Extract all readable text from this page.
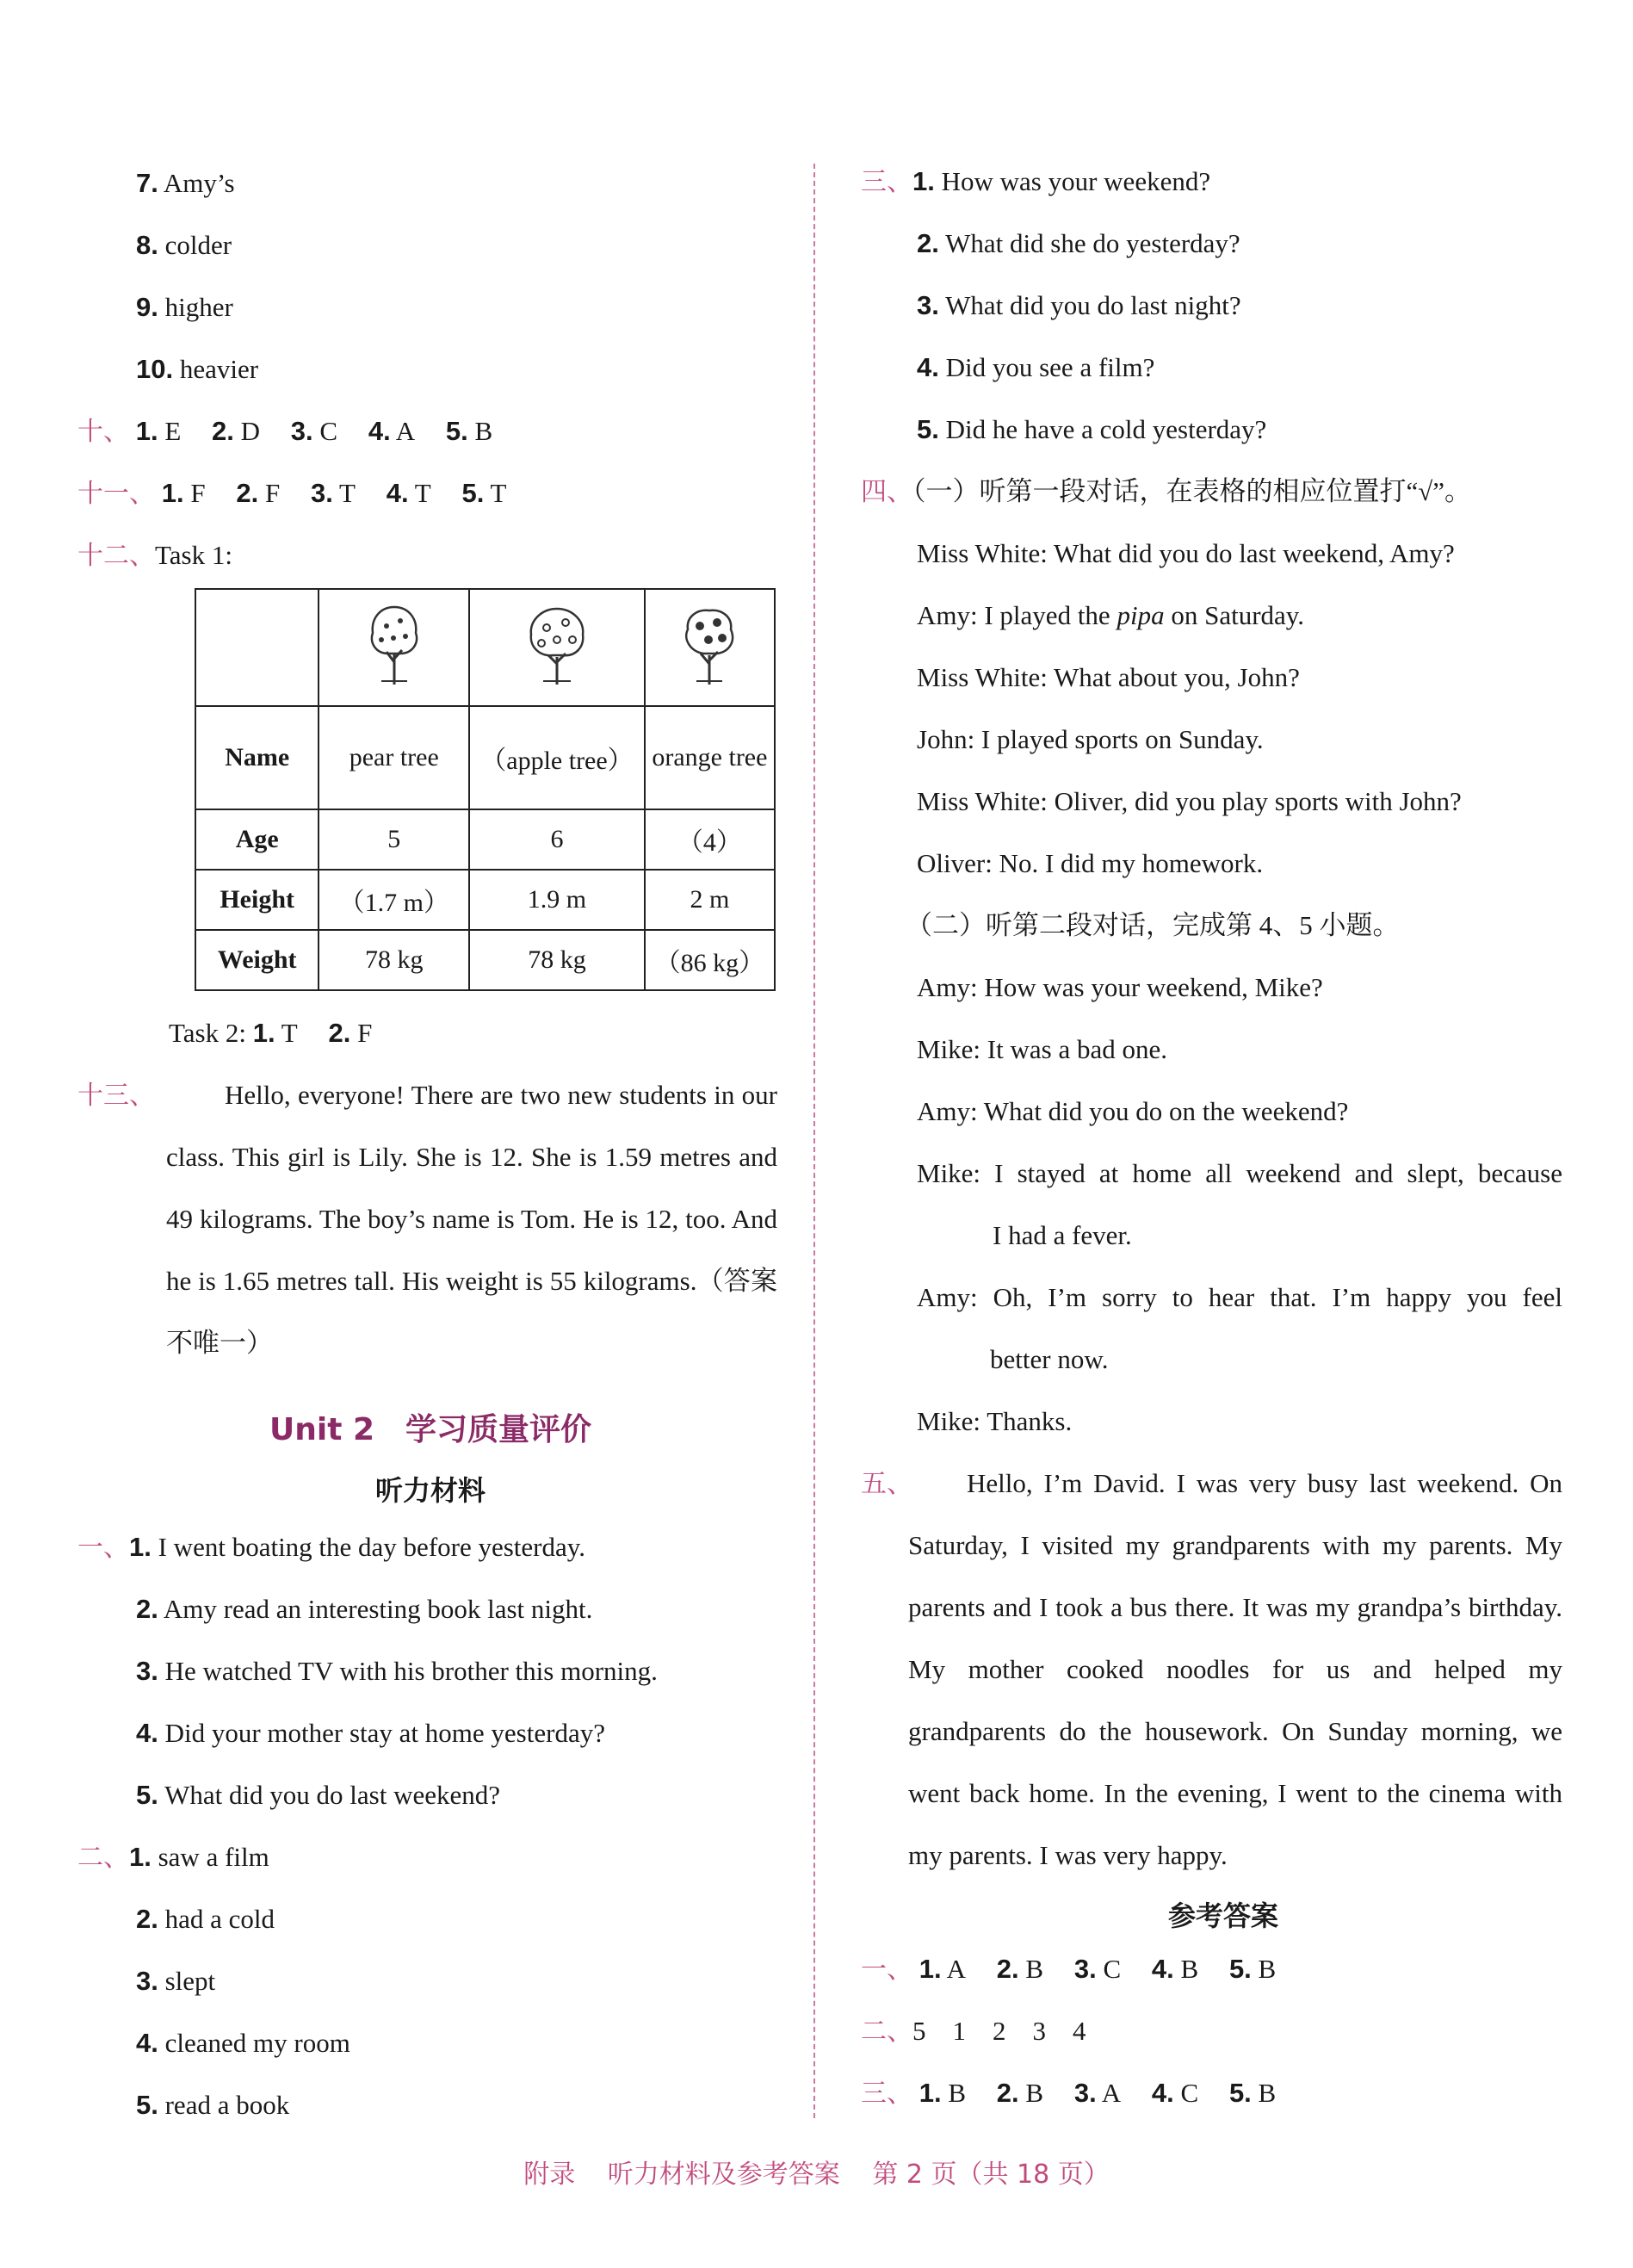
7. Amy’s
8. colder
9. higher
10. heavier
十、 1. E 2. D 3. C 4. A 5. B
十一、 1. F 2. F 3. T 4. T 5. T
十二、Task 1:

Name	pear tree	（apple tree）	orange tree
Age	5	6	（4）
Height	（1.7 m）	1.9 m	2 m
Weight	78 kg	78 kg	（86 kg）
Task 2: 1. T 2. F
十三、	Hello, everyone! There are two new students in our class. This girl is Lily. She is 12. She is 1.59 metres and 49 kilograms. The boy’s name is Tom. He is 12, too. And he is 1.65 metres tall. His weight is 55 kilograms.（答案不唯一）

Unit 2　学习质量评价
听力材料
一、1. I went boating the day before yesterday.
2. Amy read an interesting book last night.
3. He watched TV with his brother this morning.
4. Did your mother stay at home yesterday?
5. What did you do last weekend?
二、1. saw a film
2. had a cold
3. slept
4. cleaned my room
5. read a book
三、1. How was your weekend?
2. What did she do yesterday?
3. What did you do last night?
4. Did you see a film?
5. Did he have a cold yesterday?
四、（一）听第一段对话，在表格的相应位置打“√”。
Miss White: What did you do last weekend, Amy?
Amy: I played the pipa on Saturday.
Miss White: What about you, John?
John: I played sports on Sunday.
Miss White: Oliver, did you play sports with John?
Oliver: No. I did my homework.
（二）听第二段对话，完成第 4、5 小题。
Amy: How was your weekend, Mike?
Mike: It was a bad one.
Amy: What did you do on the weekend?
Mike: I stayed at home all weekend and slept, because
I had a fever.
Amy: Oh, I’m sorry to hear that. I’m happy you feel
better now.
Mike: Thanks.
五、	Hello, I’m David. I was very busy last weekend. On Saturday, I visited my grandparents with my parents. My parents and I took a bus there. It was my grandpa’s birthday. My mother cooked noodles for us and helped my grandparents do the housework. On Sunday morning, we went back home. In the evening, I went to the cinema with my parents. I was very happy.

参考答案
一、 1. A 2. B 3. C 4. B 5. B
二、5　1　2　3　4
三、 1. B 2. B 3. A 4. C 5. B
附录 听力材料及参考答案 第 2 页（共 18 页）
